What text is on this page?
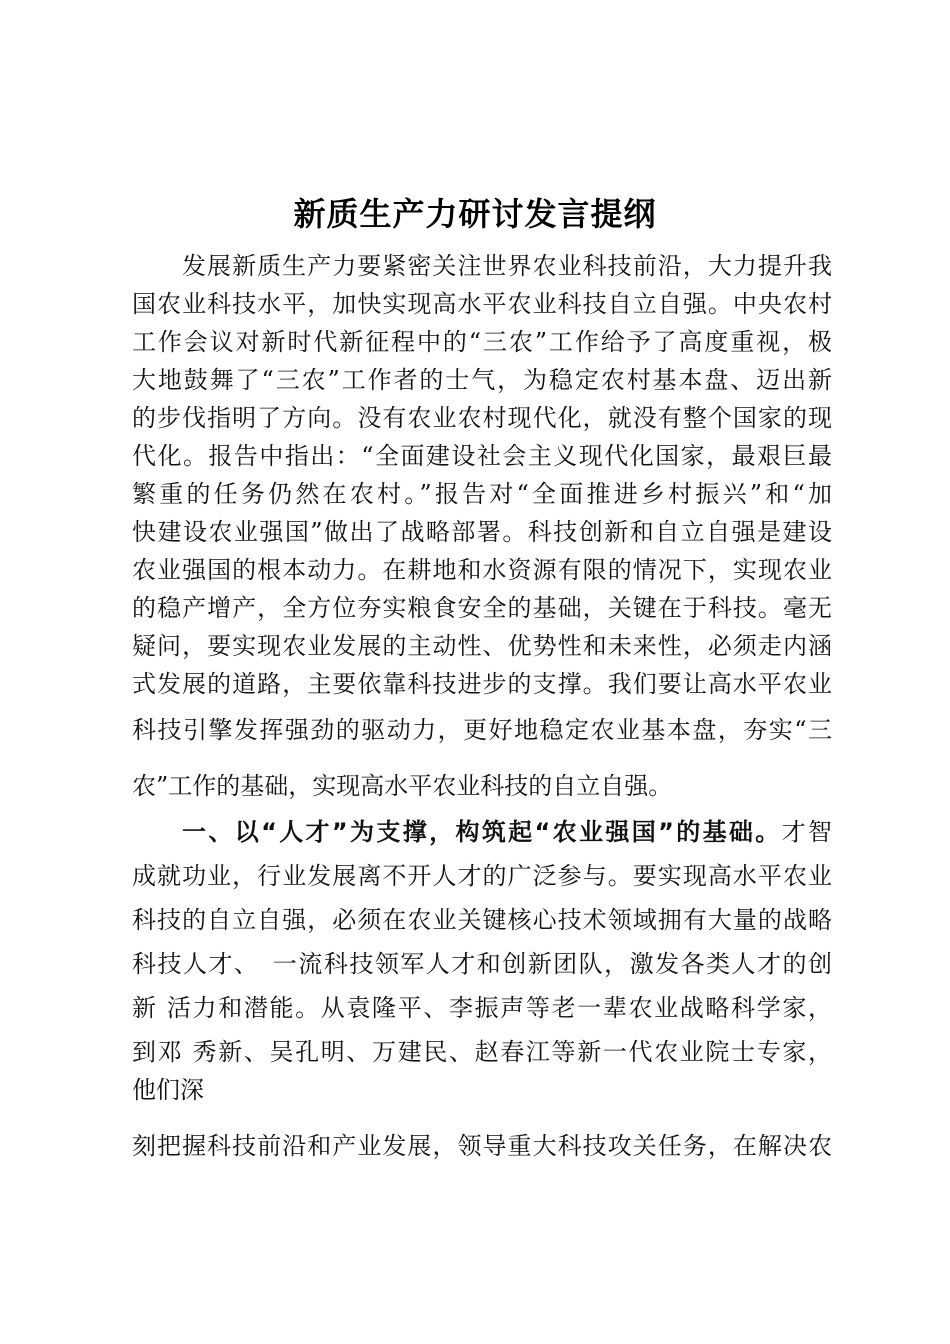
新质生产力研讨发言提纲
发展新质生产力要紧密关注世界农业科技前沿，大力提升我
国农业科技水平，加快实现高水平农业科技自立自强。中央农村
工作会议对新时代新征程中的“三农”工作给予了高度重视，极
大地鼓舞了“三农”工作者的士气，为稳定农村基本盘、迈出新
的步伐指明了方向。没有农业农村现代化，就没有整个国家的现
代化。报告中指出：“全面建设社会主义现代化国家，最艰巨最
繁重的任务仍然在农村。”报告对“全面推进乡村振兴”和“加
快建设农业强国”做出了战略部署。科技创新和自立自强是建设
农业强国的根本动力。在耕地和水资源有限的情况下，实现农业
的稳产增产，全方位夯实粮食安全的基础，关键在于科技。毫无
疑问，要实现农业发展的主动性、优势性和未来性，必须走内涵
式发展的道路，主要依靠科技进步的支撑。我们要让高水平农业
科技引擎发挥强劲的驱动力，更好地稳定农业基本盘，夯实“三
农”工作的基础，实现高水平农业科技的自立自强。
一、以“人才”为支撑，构筑起“农业强国”的基础。才智
成就功业，行业发展离不开人才的广泛参与。要实现高水平农业
科技的自立自强，必须在农业关键核心技术领域拥有大量的战略
科技人才、　一流科技领军人才和创新团队，激发各类人才的创
新 活力和潜能。从袁隆平、李振声等老一辈农业战略科学家，
到邓 秀新、吴孔明、万建民、赵春江等新一代农业院士专家，
他们深
刻把握科技前沿和产业发展，领导重大科技攻关任务，在解决农
